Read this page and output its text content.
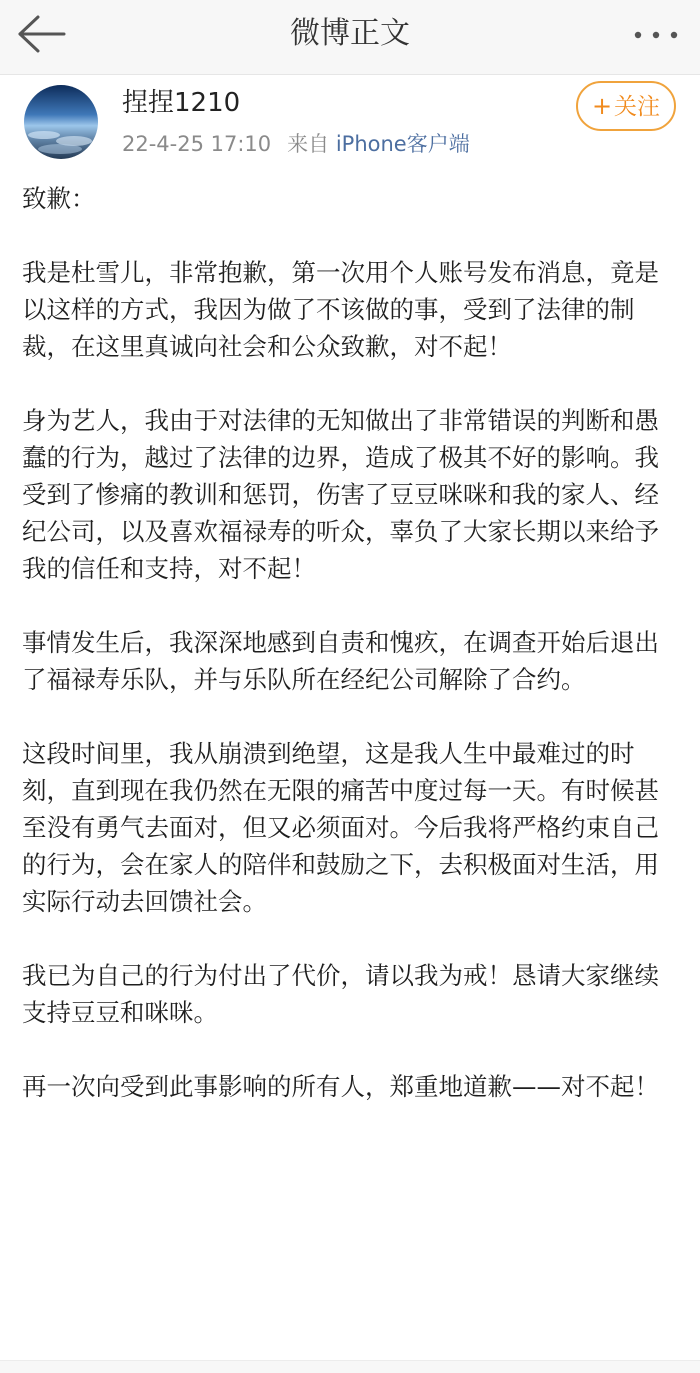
微博正文
捏捏1210
22-4-25 17:10 来自 iPhone客户端
+关注

致歉：

我是杜雪儿，非常抱歉，第一次用个人账号发布消息，竟是以这样的方式，我因为做了不该做的事，受到了法律的制裁，在这里真诚向社会和公众致歉，对不起！

身为艺人，我由于对法律的无知做出了非常错误的判断和愚蠢的行为，越过了法律的边界，造成了极其不好的影响。我受到了惨痛的教训和惩罚，伤害了豆豆咪咪和我的家人、经纪公司，以及喜欢福禄寿的听众，辜负了大家长期以来给予我的信任和支持，对不起！

事情发生后，我深深地感到自责和愧疚，在调查开始后退出了福禄寿乐队，并与乐队所在经纪公司解除了合约。

这段时间里，我从崩溃到绝望，这是我人生中最难过的时刻，直到现在我仍然在无限的痛苦中度过每一天。有时候甚至没有勇气去面对，但又必须面对。今后我将严格约束自己的行为，会在家人的陪伴和鼓励之下，去积极面对生活，用实际行动去回馈社会。

我已为自己的行为付出了代价，请以我为戒！恳请大家继续支持豆豆和咪咪。

再一次向受到此事影响的所有人，郑重地道歉——对不起！
